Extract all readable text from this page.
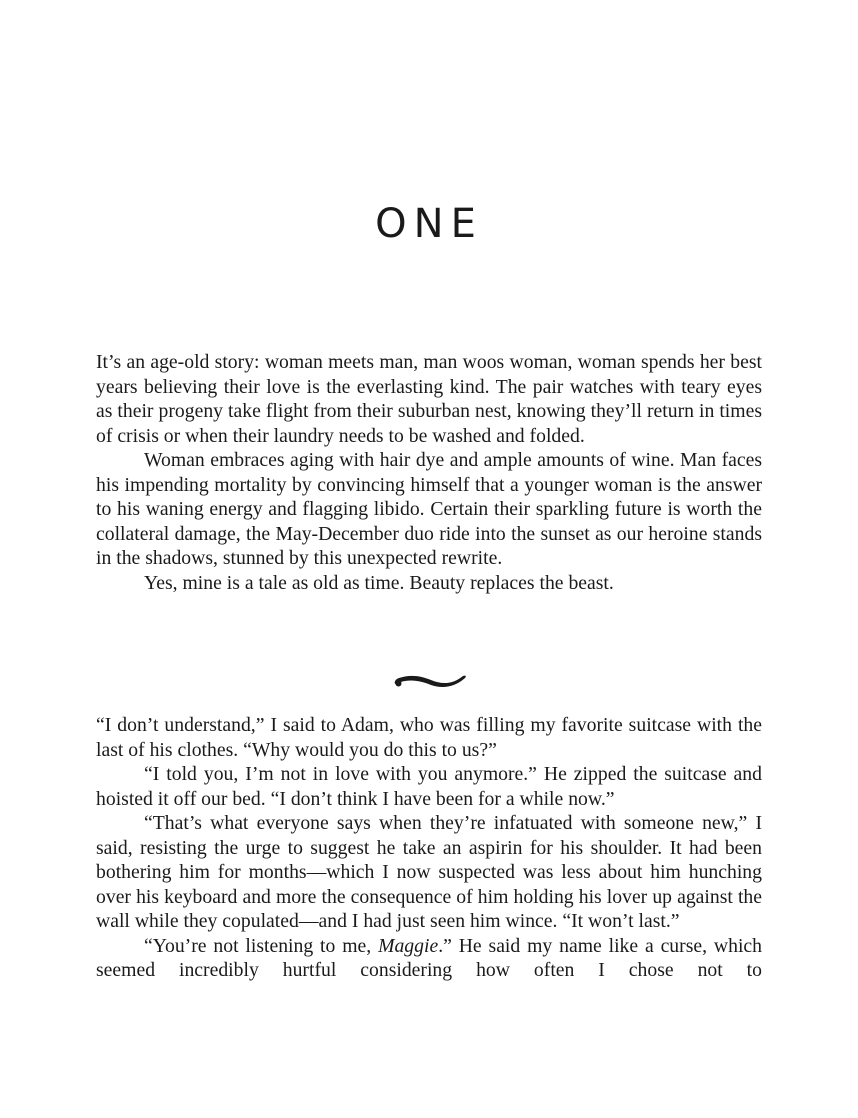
ONE

It’s an age-old story: woman meets man, man woos woman, woman spends her best years believing their love is the everlasting kind. The pair watches with teary eyes as their progeny take flight from their suburban nest, knowing they’ll return in times of crisis or when their laundry needs to be washed and folded.

Woman embraces aging with hair dye and ample amounts of wine. Man faces his impending mortality by convincing himself that a younger woman is the answer to his waning energy and flagging libido. Certain their sparkling future is worth the collateral damage, the May-December duo ride into the sunset as our heroine stands in the shadows, stunned by this unexpected rewrite.

Yes, mine is a tale as old as time. Beauty replaces the beast.

“I don’t understand,” I said to Adam, who was filling my favorite suitcase with the last of his clothes. “Why would you do this to us?”

“I told you, I’m not in love with you anymore.” He zipped the suitcase and hoisted it off our bed. “I don’t think I have been for a while now.”

“That’s what everyone says when they’re infatuated with someone new,” I said, resisting the urge to suggest he take an aspirin for his shoulder. It had been bothering him for months—which I now suspected was less about him hunching over his keyboard and more the consequence of him holding his lover up against the wall while they copulated—and I had just seen him wince. “It won’t last.”

“You’re not listening to me, Maggie.” He said my name like a curse, which seemed incredibly hurtful considering how often I chose not to
